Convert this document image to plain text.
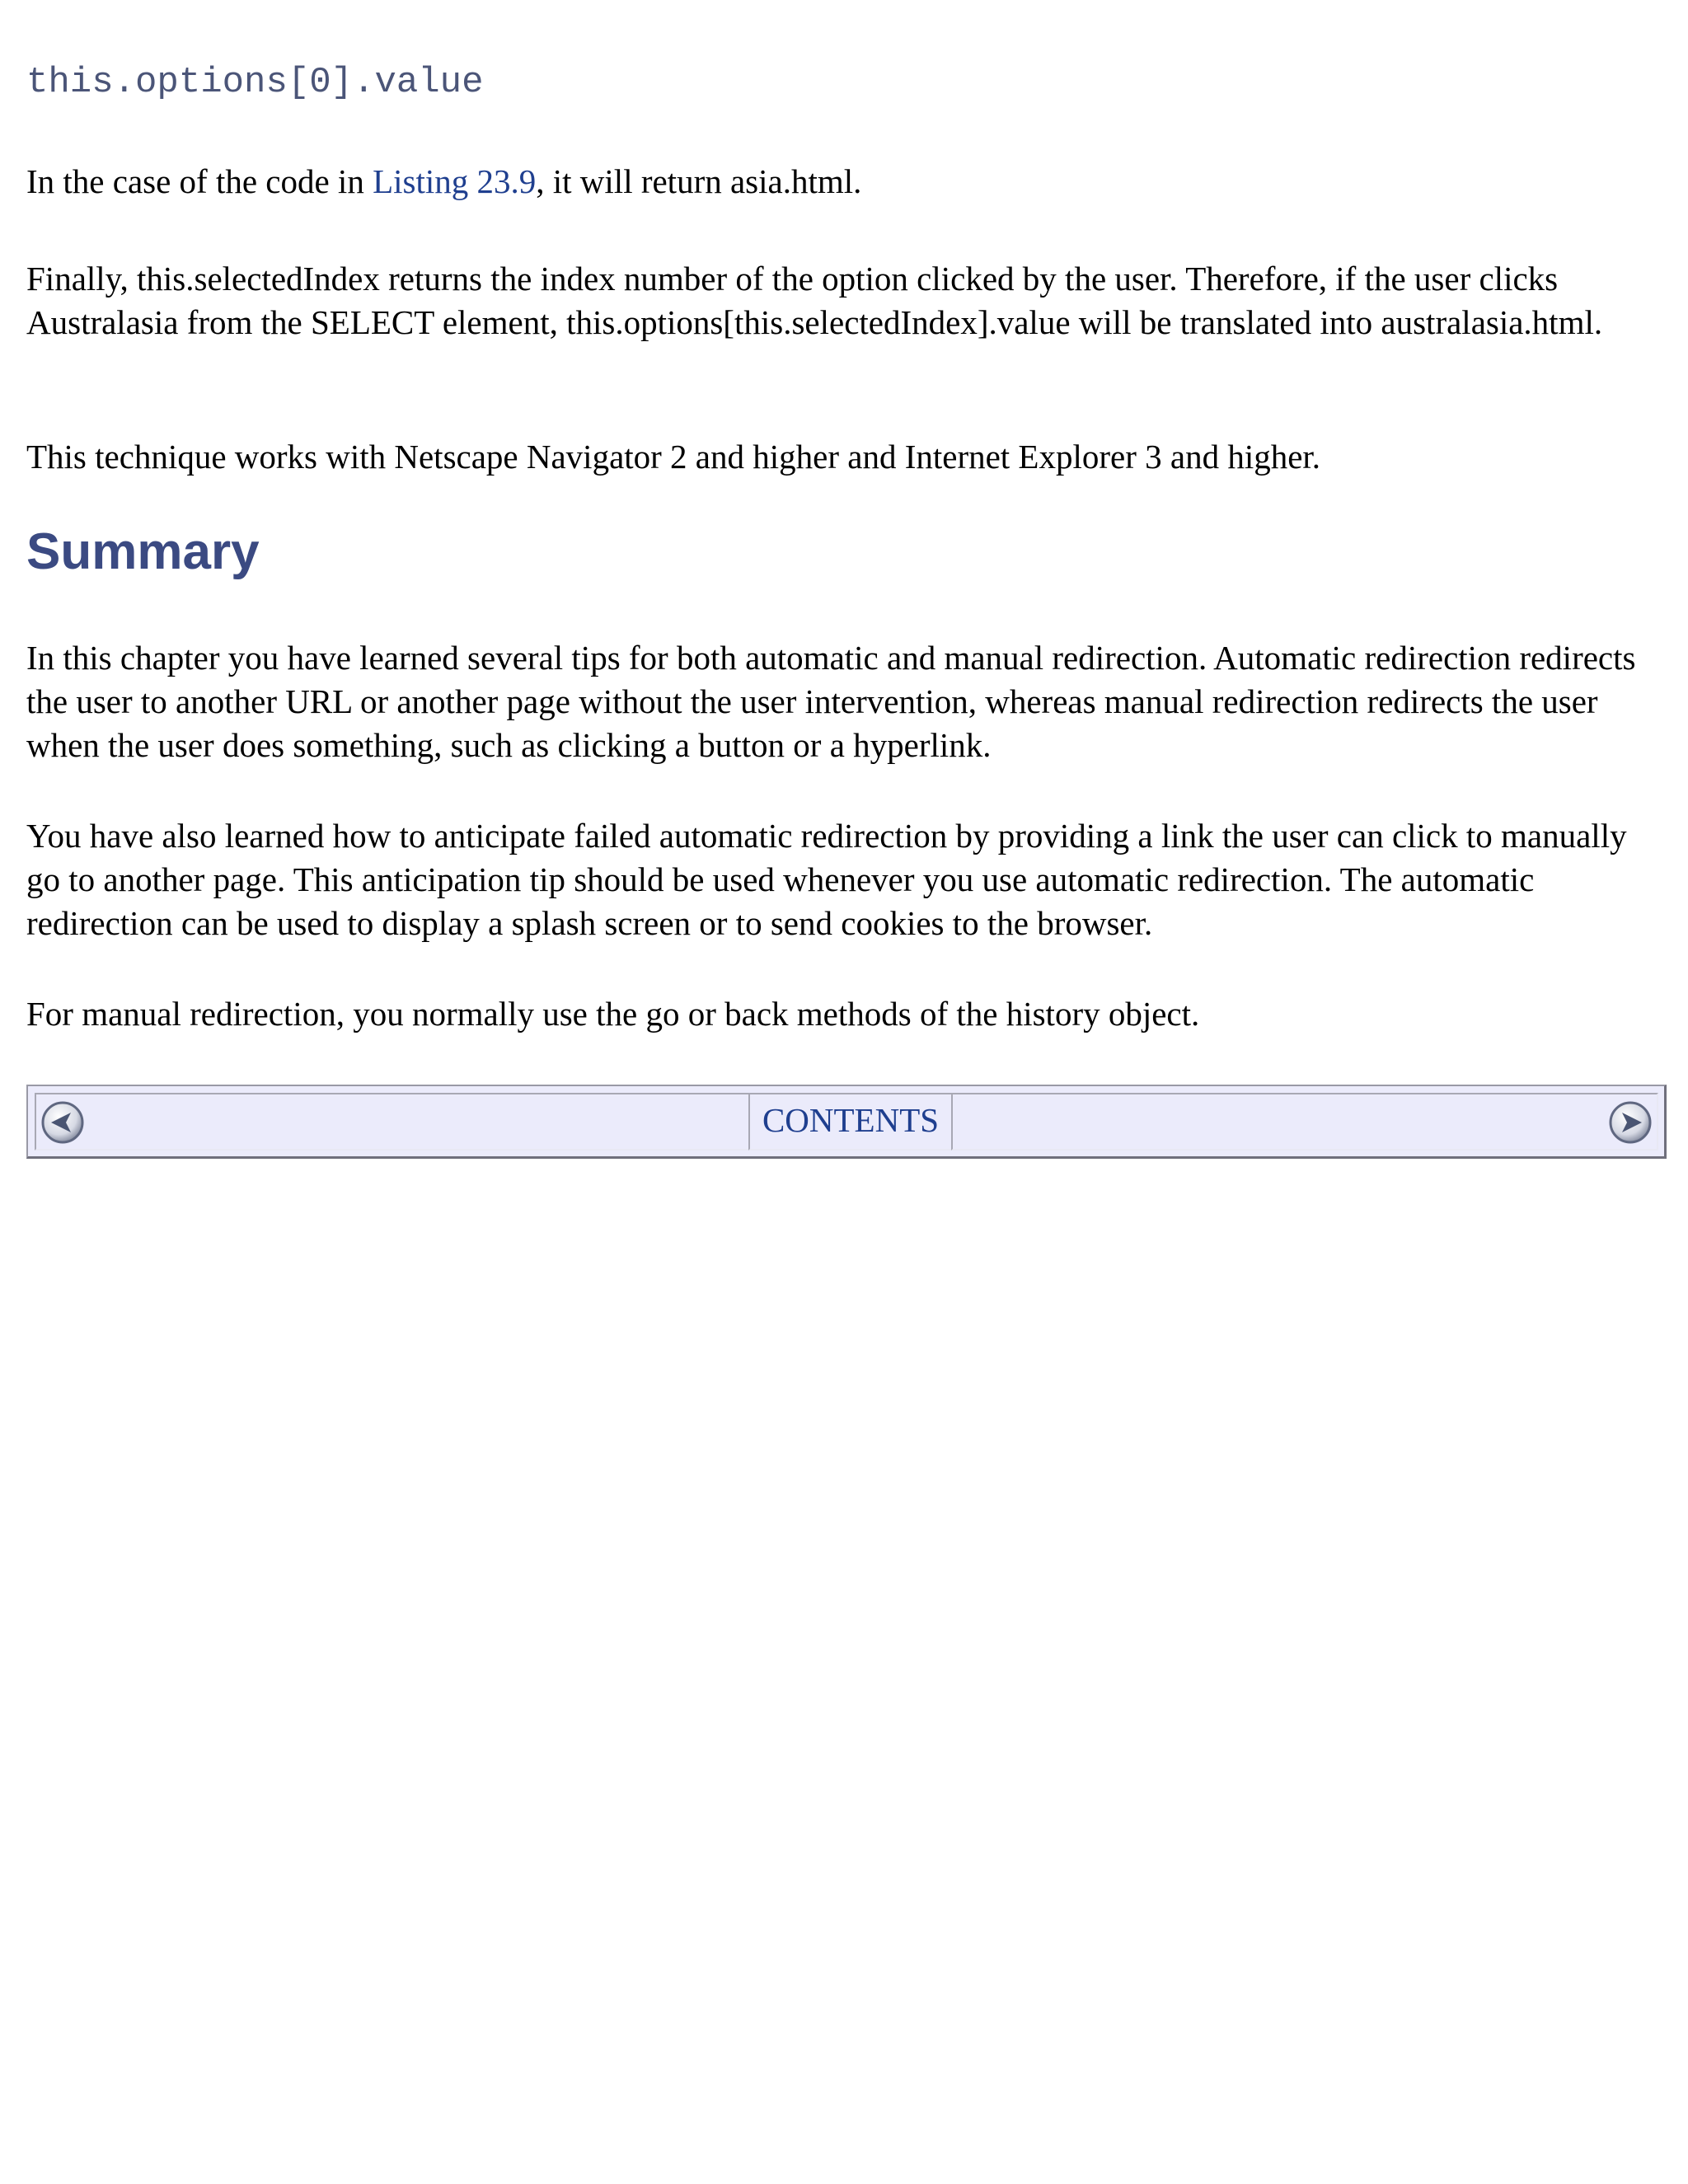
this.options[0].value

In the case of the code in Listing 23.9, it will return asia.html.

Finally, this.selectedIndex returns the index number of the option clicked by the user. Therefore, if the user clicks Australasia from the SELECT element, this.options[this.selectedIndex].value will be translated into australasia.html.

This technique works with Netscape Navigator 2 and higher and Internet Explorer 3 and higher.

Summary

In this chapter you have learned several tips for both automatic and manual redirection. Automatic redirection redirects the user to another URL or another page without the user intervention, whereas manual redirection redirects the user when the user does something, such as clicking a button or a hyperlink.

You have also learned how to anticipate failed automatic redirection by providing a link the user can click to manually go to another page. This anticipation tip should be used whenever you use automatic redirection. The automatic redirection can be used to display a splash screen or to send cookies to the browser.

For manual redirection, you normally use the go or back methods of the history object.

CONTENTS
